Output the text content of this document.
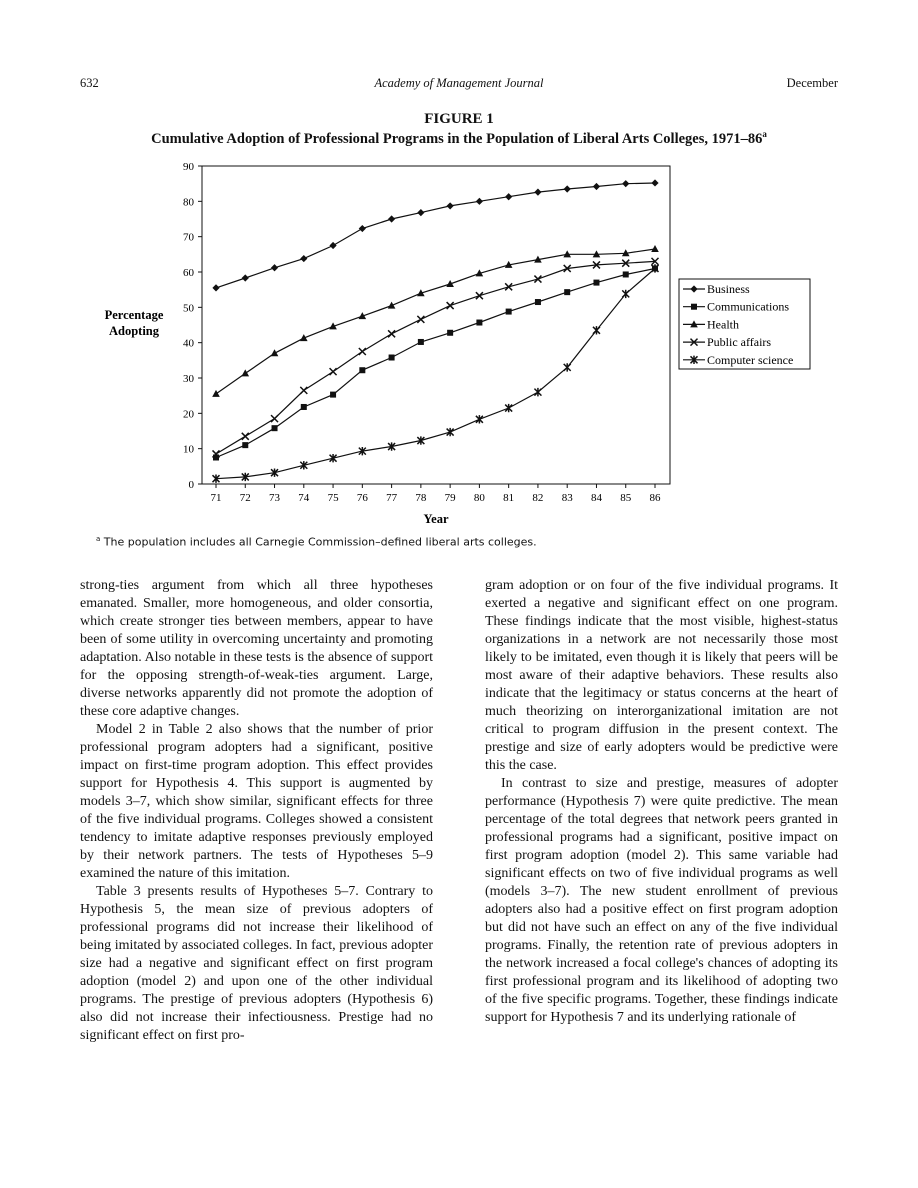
632	Academy of Management Journal	December
FIGURE 1
Cumulative Adoption of Professional Programs in the Population of Liberal Arts Colleges, 1971–86$^a$
0
10
20
30
40
50
60
70
80
90
71 72 73 74 75 76 77 78 79 80 81 82 83 84 85 86
Business
Communications
Health
Public affairs
Computer science
Percentage
Adopting
Year
$^a$ The population includes all Carnegie Commission–defined liberal arts colleges.

strong-ties argument from which all three hypotheses emanated. Smaller, more homogeneous, and older consortia, which create stronger ties between members, appear to have been of some utility in overcoming uncertainty and promoting adaptation. Also notable in these tests is the absence of support for the opposing strength-of-weak-ties argument. Large, diverse networks apparently did not promote the adoption of these core adaptive changes.

Model 2 in Table 2 also shows that the number of prior professional program adopters had a significant, positive impact on first-time program adoption. This effect provides support for Hypothesis 4. This support is augmented by models 3–7, which show similar, significant effects for three of the five individual programs. Colleges showed a consistent tendency to imitate adaptive responses previously employed by their network partners. The tests of Hypotheses 5–9 examined the nature of this imitation.

Table 3 presents results of Hypotheses 5–7. Contrary to Hypothesis 5, the mean size of previous adopters of professional programs did not increase their likelihood of being imitated by associated colleges. In fact, previous adopter size had a negative and significant effect on first program adoption (model 2) and upon one of the other individual programs. The prestige of previous adopters (Hypothesis 6) also did not increase their infectiousness. Prestige had no significant effect on first pro-

gram adoption or on four of the five individual programs. It exerted a negative and significant effect on one program. These findings indicate that the most visible, highest-status organizations in a network are not necessarily those most likely to be imitated, even though it is likely that peers will be most aware of their adaptive behaviors. These results also indicate that the legitimacy or status concerns at the heart of much theorizing on interorganizational imitation are not critical to program diffusion in the present context. The prestige and size of early adopters would be predictive were this the case.

In contrast to size and prestige, measures of adopter performance (Hypothesis 7) were quite predictive. The mean percentage of the total degrees that network peers granted in professional programs had a significant, positive impact on first program adoption (model 2). This same variable had significant effects on two of five individual programs as well (models 3–7). The new student enrollment of previous adopters also had a positive effect on first program adoption but did not have such an effect on any of the five individual programs. Finally, the retention rate of previous adopters in the network increased a focal college's chances of adopting its first professional program and its likelihood of adopting two of the five specific programs. Together, these findings indicate support for Hypothesis 7 and its underlying rationale of
